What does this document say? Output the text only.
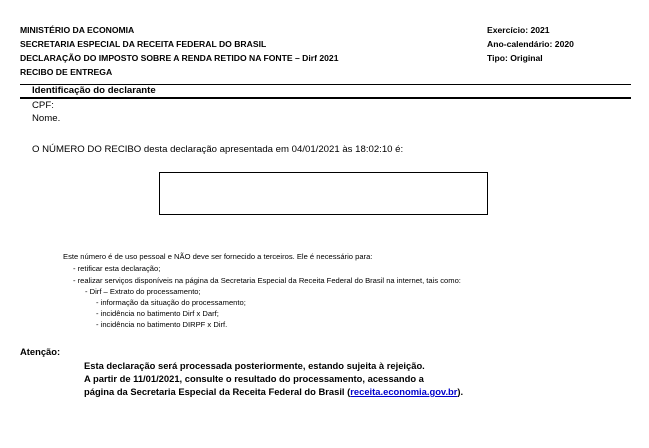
MINISTÉRIO DA ECONOMIA
SECRETARIA ESPECIAL DA RECEITA FEDERAL DO BRASIL
DECLARAÇÃO DO IMPOSTO SOBRE A RENDA RETIDO NA FONTE – Dirf 2021
RECIBO DE ENTREGA
Exercício: 2021
Ano-calendário: 2020
Tipo: Original
Identificação do declarante
CPF:
Nome.
O NÚMERO DO RECIBO desta declaração apresentada em 04/01/2021 às 18:02:10 é:
Este número é de uso pessoal e NÃO deve ser fornecido a terceiros. Ele é necessário para:
- retificar esta declaração;
- realizar serviços disponíveis na página da Secretaria Especial da Receita Federal do Brasil na internet, tais como:
- Dirf – Extrato do processamento;
- informação da situação do processamento;
- incidência no batimento Dirf x Darf;
- incidência no batimento DIRPF x Dirf.
Atenção:
Esta declaração será processada posteriormente, estando sujeita à rejeição.
A partir de 11/01/2021, consulte o resultado do processamento, acessando a
página da Secretaria Especial da Receita Federal do Brasil (receita.economia.gov.br).
